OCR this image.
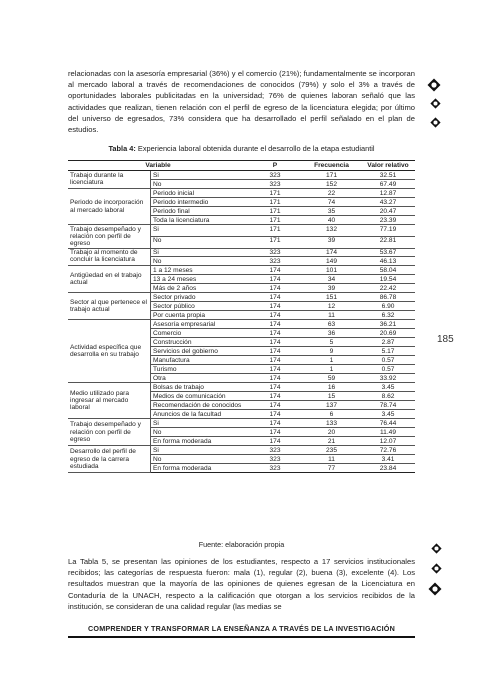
relacionadas con la asesoría empresarial (36%) y el comercio (21%); fundamentalmente se incorporan al mercado laboral a través de recomendaciones de conocidos (79%) y solo el 3% a través de oportunidades laborales publicitadas en la universidad; 76% de quienes laboran señaló que las actividades que realizan, tienen relación con el perfil de egreso de la licenciatura elegida; por último del universo de egresados, 73% considera que ha desarrollado el perfil señalado en el plan de estudios.
Tabla 4: Experiencia laboral obtenida durante el desarrollo de la etapa estudiantil
Variable		P	Frecuencia	Valor relativo
Trabajo durante la licenciatura	Si	323	171	32.51
	No	323	152	67.49
Periodo de incorporación al mercado laboral	Periodo inicial	171	22	12.87
	Periodo intermedio	171	74	43.27
	Periodo final	171	35	20.47
	Toda la licenciatura	171	40	23.39
Trabajo desempeñado y relación con perfil de egreso	Si	171	132	77.19
	No	171	39	22.81
Trabajo al momento de concluir la licenciatura	Si	323	174	53.67
	No	323	149	46.13
Antigüedad en el trabajo actual	1 a 12 meses	174	101	58.04
	13 a 24 meses	174	34	19.54
	Más de 2 años	174	39	22.42
Sector al que pertenece el trabajo actual	Sector privado	174	151	86.78
	Sector público	174	12	6.90
	Por cuenta propia	174	11	6.32
Actividad específica que desarrolla en su trabajo	Asesoría empresarial	174	63	36.21
	Comercio	174	36	20.69
	Construcción	174	5	2.87
	Servicios del gobierno	174	9	5.17
	Manufactura	174	1	0.57
	Turismo	174	1	0.57
	Otra	174	59	33.92
Medio utilizado para ingresar al mercado laboral	Bolsas de trabajo	174	16	3.45
	Medios de comunicación	174	15	8.62
	Recomendación de conocidos	174	137	78.74
	Anuncios de la facultad	174	6	3.45
Trabajo desempeñado y relación con perfil de egreso	Si	174	133	76.44
	No	174	20	11.49
	En forma moderada	174	21	12.07
Desarrollo del perfil de egreso de la carrera estudiada	Si	323	235	72.76
	No	323	11	3.41
	En forma moderada	323	77	23.84
Fuente: elaboración propia
185
La Tabla 5, se presentan las opiniones de los estudiantes, respecto a 17 servicios institucionales recibidos; las categorías de respuesta fueron: mala (1), regular (2), buena (3), excelente (4). Los resultados muestran que la mayoría de las opiniones de quienes egresan de la Licenciatura en Contaduría de la UNACH, respecto a la calificación que otorgan a los servicios recibidos de la institución, se consideran de una calidad regular (las medias se
COMPRENDER Y TRANSFORMAR LA ENSEÑANZA A TRAVÉS DE LA INVESTIGACIÓN
